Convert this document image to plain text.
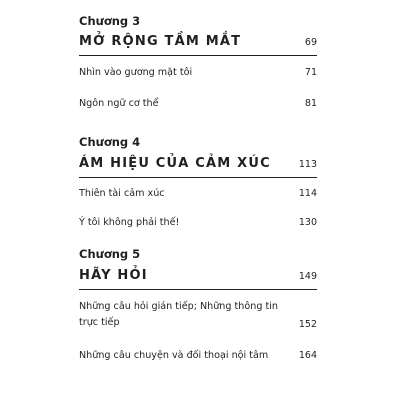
Chương 3
MỞ RỘNG TẦM MẮT	69
Nhìn vào gương mặt tôi	71
Ngôn ngữ cơ thể	81
Chương 4
ÁM HIỆU CỦA CẢM XÚC	113
Thiên tài cảm xúc	114
Ý tôi không phải thế!	130
Chương 5
HÃY HỎI	149
Những câu hỏi gián tiếp; Những thông tin
trực tiếp	152
Những câu chuyện và đối thoại nội tâm	164
